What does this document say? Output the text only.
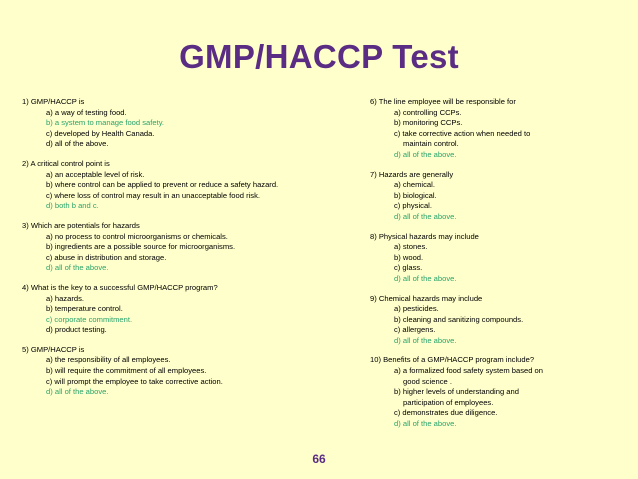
GMP/HACCP Test
1) GMP/HACCP is
a) a way of testing food.
b) a system to manage food safety.
c) developed by Health Canada.
d) all of the above.
2) A critical control point is
a) an acceptable level of risk.
b) where control can be applied to prevent or reduce a safety hazard.
c) where loss of control may result in an unacceptable food risk.
d) both b and c.
3) Which are potentials for hazards
a) no process to control microorganisms or chemicals.
b) ingredients are a possible source for microorganisms.
c) abuse in distribution and storage.
d) all of the above.
4) What is the key to a successful GMP/HACCP program?
a) hazards.
b) temperature control.
c) corporate commitment.
d) product testing.
5) GMP/HACCP is
a) the responsibility of all employees.
b) will require the commitment of all employees.
c) will prompt the employee to take corrective action.
d) all of the above.
6) The line employee will be responsible for
a) controlling CCPs.
b) monitoring CCPs.
c) take corrective action when needed to
maintain control.
d) all of the above.
7) Hazards are generally
a) chemical.
b) biological.
c) physical.
d) all of the above.
8) Physical hazards may include
a) stones.
b) wood.
c) glass.
d) all of the above.
9) Chemical hazards may include
a) pesticides.
b) cleaning and sanitizing compounds.
c) allergens.
d) all of the above.
10) Benefits of a GMP/HACCP program include?
a) a formalized food safety system based on
good science .
b) higher levels of understanding and
participation of employees.
c) demonstrates due diligence.
d) all of the above.
66
